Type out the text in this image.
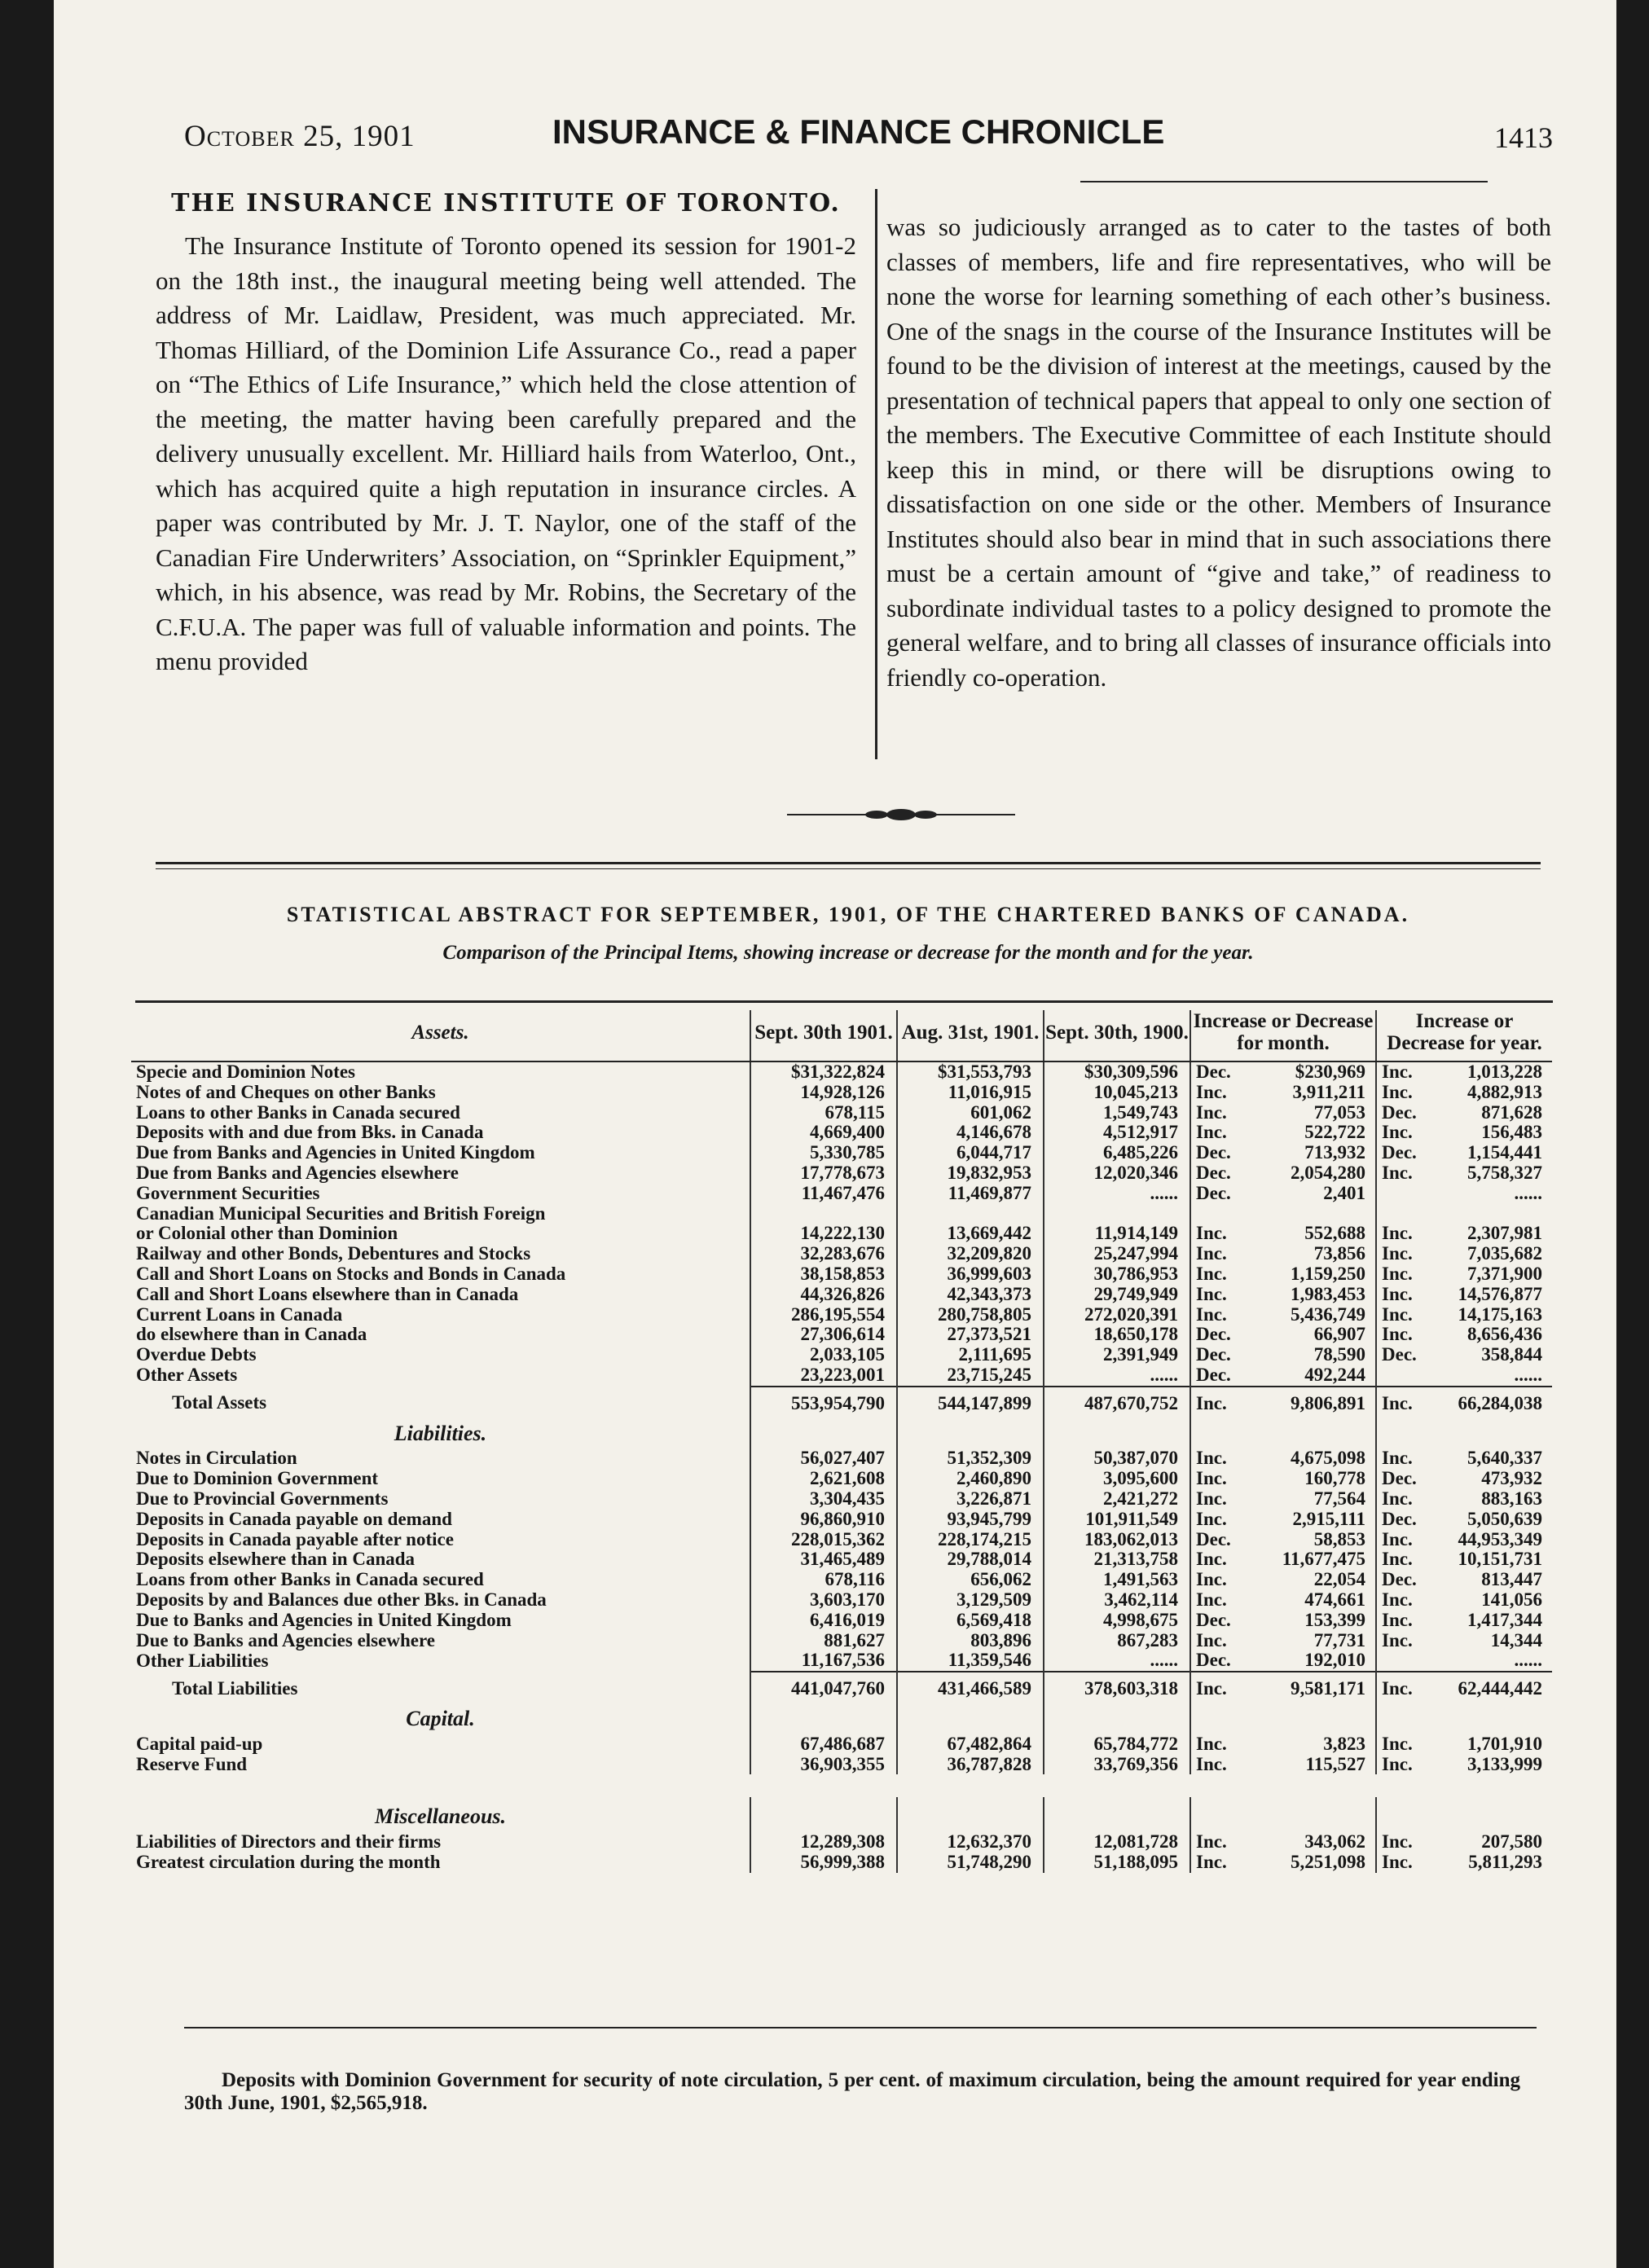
October 25, 1901	INSURANCE & FINANCE CHRONICLE	1413
THE INSURANCE INSTITUTE OF TORONTO.

The Insurance Institute of Toronto opened its session for 1901-2 on the 18th inst., the inaugural meeting being well attended. The address of Mr. Laidlaw, President, was much appreciated. Mr. Thomas Hilliard, of the Dominion Life Assurance Co., read a paper on “The Ethics of Life Insurance,” which held the close attention of the meeting, the matter having been carefully prepared and the delivery unusually excellent. Mr. Hilliard hails from Waterloo, Ont., which has acquired quite a high reputation in insurance circles. A paper was contributed by Mr. J. T. Naylor, one of the staff of the Canadian Fire Underwriters’ Association, on “Sprinkler Equipment,” which, in his absence, was read by Mr. Robins, the Secretary of the C.F.U.A. The paper was full of valuable information and points. The menu provided

was so judiciously arranged as to cater to the tastes of both classes of members, life and fire representatives, who will be none the worse for learning something of each other’s business. One of the snags in the course of the Insurance Institutes will be found to be the division of interest at the meetings, caused by the presentation of technical papers that appeal to only one section of the members. The Executive Committee of each Institute should keep this in mind, or there will be disruptions owing to dissatisfaction on one side or the other. Members of Insurance Institutes should also bear in mind that in such associations there must be a certain amount of “give and take,” of readiness to subordinate individual tastes to a policy designed to promote the general welfare, and to bring all classes of insurance officials into friendly co-operation.

STATISTICAL ABSTRACT FOR SEPTEMBER, 1901, OF THE CHARTERED BANKS OF CANADA.
Comparison of the Principal Items, showing increase or decrease for the month and for the year.
Assets.	Sept. 30th 1901.	Aug. 31st, 1901.	Sept. 30th, 1900.	Increase or Decrease for month.		Increase or Decrease for year.	
Specie and Dominion Notes	$31,322,824	$31,553,793	$30,309,596	Dec.	$230,969	Inc.	1,013,228
Notes of and Cheques on other Banks	14,928,126	11,016,915	10,045,213	Inc.	3,911,211	Inc.	4,882,913
Loans to other Banks in Canada secured	678,115	601,062	1,549,743	Inc.	77,053	Dec.	871,628
Deposits with and due from Bks. in Canada	4,669,400	4,146,678	4,512,917	Inc.	522,722	Inc.	156,483
Due from Banks and Agencies in United Kingdom	5,330,785	6,044,717	6,485,226	Dec.	713,932	Dec.	1,154,441
Due from Banks and Agencies elsewhere	17,778,673	19,832,953	12,020,346	Dec.	2,054,280	Inc.	5,758,327
Government Securities	11,467,476	11,469,877	......	Dec.	2,401		......
Canadian Municipal Securities and British Foreign							
or Colonial other than Dominion	14,222,130	13,669,442	11,914,149	Inc.	552,688	Inc.	2,307,981
Railway and other Bonds, Debentures and Stocks	32,283,676	32,209,820	25,247,994	Inc.	73,856	Inc.	7,035,682
Call and Short Loans on Stocks and Bonds in Canada	38,158,853	36,999,603	30,786,953	Inc.	1,159,250	Inc.	7,371,900
Call and Short Loans elsewhere than in Canada	44,326,826	42,343,373	29,749,949	Inc.	1,983,453	Inc.	14,576,877
Current Loans in Canada	286,195,554	280,758,805	272,020,391	Inc.	5,436,749	Inc.	14,175,163
do elsewhere than in Canada	27,306,614	27,373,521	18,650,178	Dec.	66,907	Inc.	8,656,436
Overdue Debts	2,033,105	2,111,695	2,391,949	Dec.	78,590	Dec.	358,844
Other Assets	23,223,001	23,715,245	......	Dec.	492,244		......
Total Assets	553,954,790	544,147,899	487,670,752	Inc.	9,806,891	Inc.	66,284,038
Liabilities.							
Notes in Circulation	56,027,407	51,352,309	50,387,070	Inc.	4,675,098	Inc.	5,640,337
Due to Dominion Government	2,621,608	2,460,890	3,095,600	Inc.	160,778	Dec.	473,932
Due to Provincial Governments	3,304,435	3,226,871	2,421,272	Inc.	77,564	Inc.	883,163
Deposits in Canada payable on demand	96,860,910	93,945,799	101,911,549	Inc.	2,915,111	Dec.	5,050,639
Deposits in Canada payable after notice	228,015,362	228,174,215	183,062,013	Dec.	58,853	Inc.	44,953,349
Deposits elsewhere than in Canada	31,465,489	29,788,014	21,313,758	Inc.	11,677,475	Inc.	10,151,731
Loans from other Banks in Canada secured	678,116	656,062	1,491,563	Inc.	22,054	Dec.	813,447
Deposits by and Balances due other Bks. in Canada	3,603,170	3,129,509	3,462,114	Inc.	474,661	Inc.	141,056
Due to Banks and Agencies in United Kingdom	6,416,019	6,569,418	4,998,675	Dec.	153,399	Inc.	1,417,344
Due to Banks and Agencies elsewhere	881,627	803,896	867,283	Inc.	77,731	Inc.	14,344
Other Liabilities	11,167,536	11,359,546	......	Dec.	192,010		......
Total Liabilities	441,047,760	431,466,589	378,603,318	Inc.	9,581,171	Inc.	62,444,442
Capital.							
Capital paid-up	67,486,687	67,482,864	65,784,772	Inc.	3,823	Inc.	1,701,910
Reserve Fund	36,903,355	36,787,828	33,769,356	Inc.	115,527	Inc.	3,133,999

Miscellaneous.							
Liabilities of Directors and their firms	12,289,308	12,632,370	12,081,728	Inc.	343,062	Inc.	207,580
Greatest circulation during the month	56,999,388	51,748,290	51,188,095	Inc.	5,251,098	Inc.	5,811,293
Deposits with Dominion Government for security of note circulation, 5 per cent. of maximum circulation, being the amount required for year ending 30th June, 1901, $2,565,918.
